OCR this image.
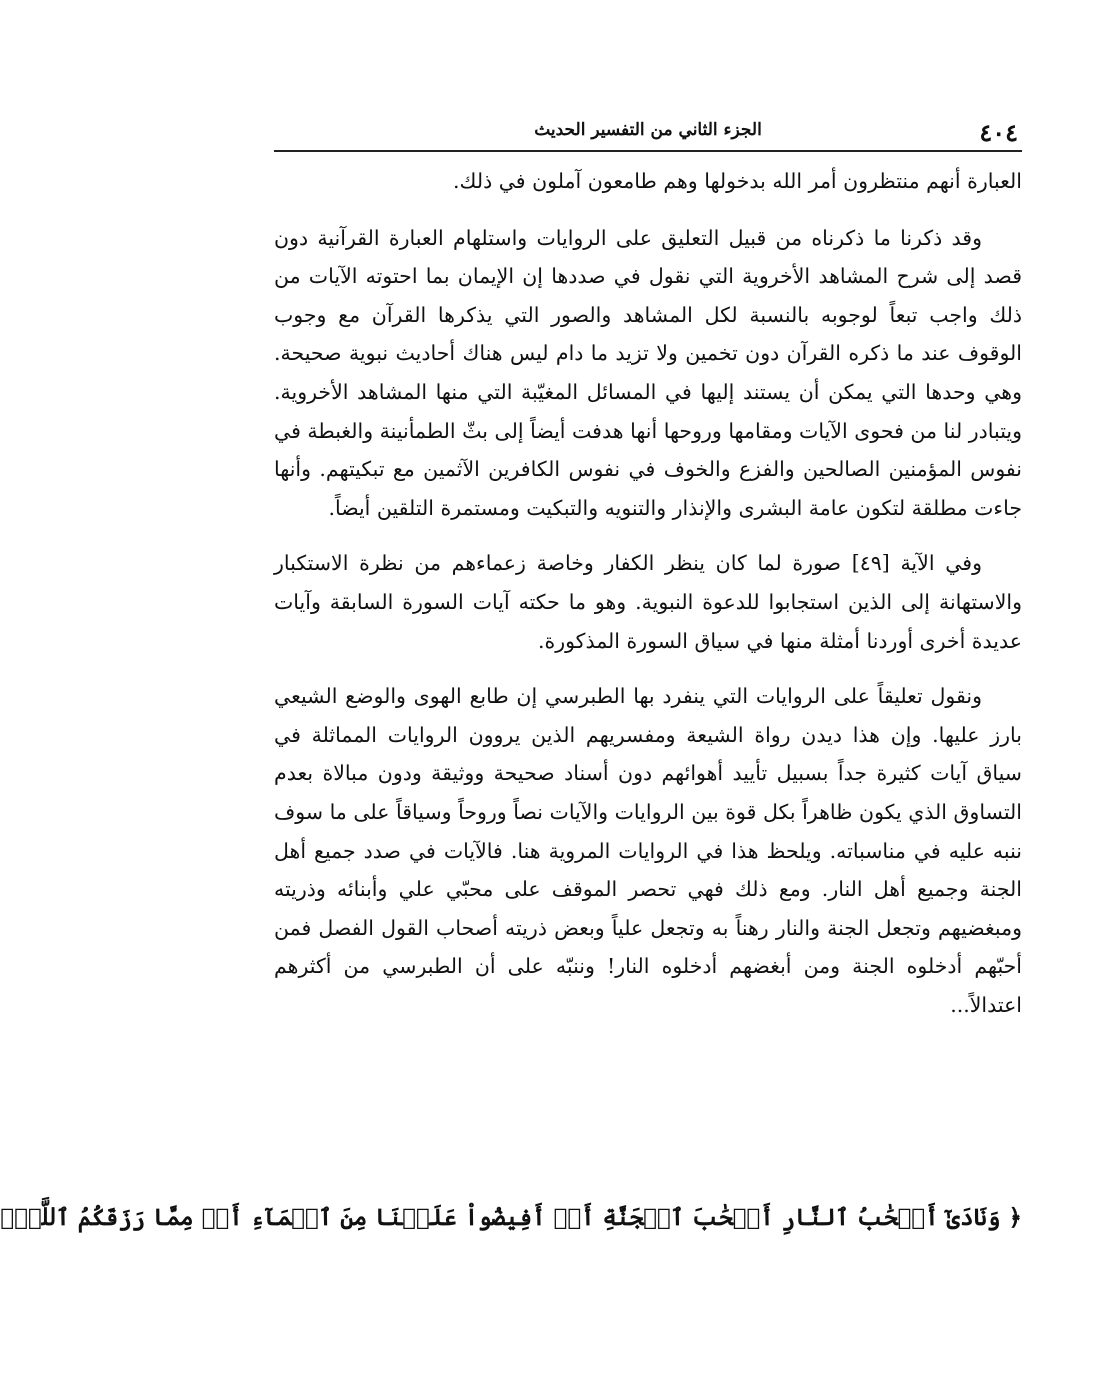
٤٠٤
الجزء الثاني من التفسير الحديث

العبارة أنهم منتظرون أمر الله بدخولها وهم طامعون آملون في ذلك.

وقد ذكرنا ما ذكرناه من قبيل التعليق على الروايات واستلهام العبارة القرآنية دون قصد إلى شرح المشاهد الأخروية التي نقول في صددها إن الإيمان بما احتوته الآيات من ذلك واجب تبعاً لوجوبه بالنسبة لكل المشاهد والصور التي يذكرها القرآن مع وجوب الوقوف عند ما ذكره القرآن دون تخمين ولا تزيد ما دام ليس هناك أحاديث نبوية صحيحة. وهي وحدها التي يمكن أن يستند إليها في المسائل المغيّبة التي منها المشاهد الأخروية. ويتبادر لنا من فحوى الآيات ومقامها وروحها أنها هدفت أيضاً إلى بثّ الطمأنينة والغبطة في نفوس المؤمنين الصالحين والفزع والخوف في نفوس الكافرين الآثمين مع تبكيتهم. وأنها جاءت مطلقة لتكون عامة البشرى والإنذار والتنويه والتبكيت ومستمرة التلقين أيضاً.

وفي الآية [٤٩] صورة لما كان ينظر الكفار وخاصة زعماءهم من نظرة الاستكبار والاستهانة إلى الذين استجابوا للدعوة النبوية. وهو ما حكته آيات السورة السابقة وآيات عديدة أخرى أوردنا أمثلة منها في سياق السورة المذكورة.

ونقول تعليقاً على الروايات التي ينفرد بها الطبرسي إن طابع الهوى والوضع الشيعي بارز عليها. وإن هذا ديدن رواة الشيعة ومفسريهم الذين يروون الروايات المماثلة في سياق آيات كثيرة جداً بسبيل تأييد أهوائهم دون أسناد صحيحة ووثيقة ودون مبالاة بعدم التساوق الذي يكون ظاهراً بكل قوة بين الروايات والآيات نصاً وروحاً وسياقاً على ما سوف ننبه عليه في مناسباته. ويلحظ هذا في الروايات المروية هنا. فالآيات في صدد جميع أهل الجنة وجميع أهل النار. ومع ذلك فهي تحصر الموقف على محبّي علي وأبنائه وذريته ومبغضيهم وتجعل الجنة والنار رهناً به وتجعل علياً وبعض ذريته أصحاب القول الفصل فمن أحبّهم أدخلوه الجنة ومن أبغضهم أدخلوه النار! وننبّه على أن الطبرسي من أكثرهم اعتدالاً...

﴿ وَنَادَىٰٓ أَصۡحَٰبُ ٱلنَّارِ أَصۡحَٰبَ ٱلۡجَنَّةِ أَنۡ أَفِيضُواْ عَلَيۡنَا مِنَ ٱلۡمَآءِ أَوۡ مِمَّا رَزَقَكُمُ ٱللَّهُۚ
